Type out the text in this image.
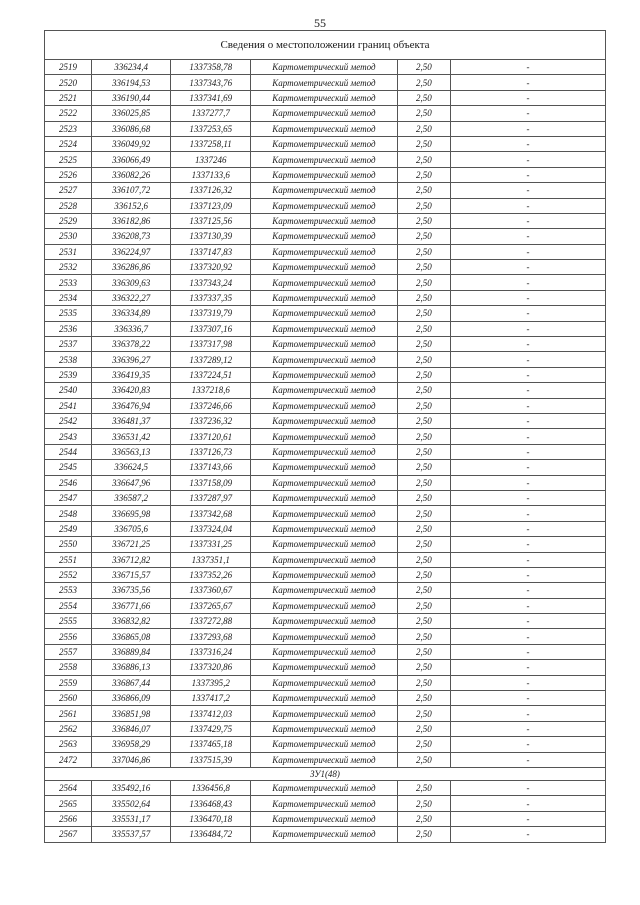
55
Сведения о местоположении границ объекта					
2519	336234,4	1337358,78	Картометрический метод	2,50	-
2520	336194,53	1337343,76	Картометрический метод	2,50	-
2521	336190,44	1337341,69	Картометрический метод	2,50	-
2522	336025,85	1337277,7	Картометрический метод	2,50	-
2523	336086,68	1337253,65	Картометрический метод	2,50	-
2524	336049,92	1337258,11	Картометрический метод	2,50	-
2525	336066,49	1337246	Картометрический метод	2,50	-
2526	336082,26	1337133,6	Картометрический метод	2,50	-
2527	336107,72	1337126,32	Картометрический метод	2,50	-
2528	336152,6	1337123,09	Картометрический метод	2,50	-
2529	336182,86	1337125,56	Картометрический метод	2,50	-
2530	336208,73	1337130,39	Картометрический метод	2,50	-
2531	336224,97	1337147,83	Картометрический метод	2,50	-
2532	336286,86	1337320,92	Картометрический метод	2,50	-
2533	336309,63	1337343,24	Картометрический метод	2,50	-
2534	336322,27	1337337,35	Картометрический метод	2,50	-
2535	336334,89	1337319,79	Картометрический метод	2,50	-
2536	336336,7	1337307,16	Картометрический метод	2,50	-
2537	336378,22	1337317,98	Картометрический метод	2,50	-
2538	336396,27	1337289,12	Картометрический метод	2,50	-
2539	336419,35	1337224,51	Картометрический метод	2,50	-
2540	336420,83	1337218,6	Картометрический метод	2,50	-
2541	336476,94	1337246,66	Картометрический метод	2,50	-
2542	336481,37	1337236,32	Картометрический метод	2,50	-
2543	336531,42	1337120,61	Картометрический метод	2,50	-
2544	336563,13	1337126,73	Картометрический метод	2,50	-
2545	336624,5	1337143,66	Картометрический метод	2,50	-
2546	336647,96	1337158,09	Картометрический метод	2,50	-
2547	336587,2	1337287,97	Картометрический метод	2,50	-
2548	336695,98	1337342,68	Картометрический метод	2,50	-
2549	336705,6	1337324,04	Картометрический метод	2,50	-
2550	336721,25	1337331,25	Картометрический метод	2,50	-
2551	336712,82	1337351,1	Картометрический метод	2,50	-
2552	336715,57	1337352,26	Картометрический метод	2,50	-
2553	336735,56	1337360,67	Картометрический метод	2,50	-
2554	336771,66	1337265,67	Картометрический метод	2,50	-
2555	336832,82	1337272,88	Картометрический метод	2,50	-
2556	336865,08	1337293,68	Картометрический метод	2,50	-
2557	336889,84	1337316,24	Картометрический метод	2,50	-
2558	336886,13	1337320,86	Картометрический метод	2,50	-
2559	336867,44	1337395,2	Картометрический метод	2,50	-
2560	336866,09	1337417,2	Картометрический метод	2,50	-
2561	336851,98	1337412,03	Картометрический метод	2,50	-
2562	336846,07	1337429,75	Картометрический метод	2,50	-
2563	336958,29	1337465,18	Картометрический метод	2,50	-
2472	337046,86	1337515,39	Картометрический метод	2,50	-
ЗУ1(48)					
2564	335492,16	1336456,8	Картометрический метод	2,50	-
2565	335502,64	1336468,43	Картометрический метод	2,50	-
2566	335531,17	1336470,18	Картометрический метод	2,50	-
2567	335537,57	1336484,72	Картометрический метод	2,50	-
